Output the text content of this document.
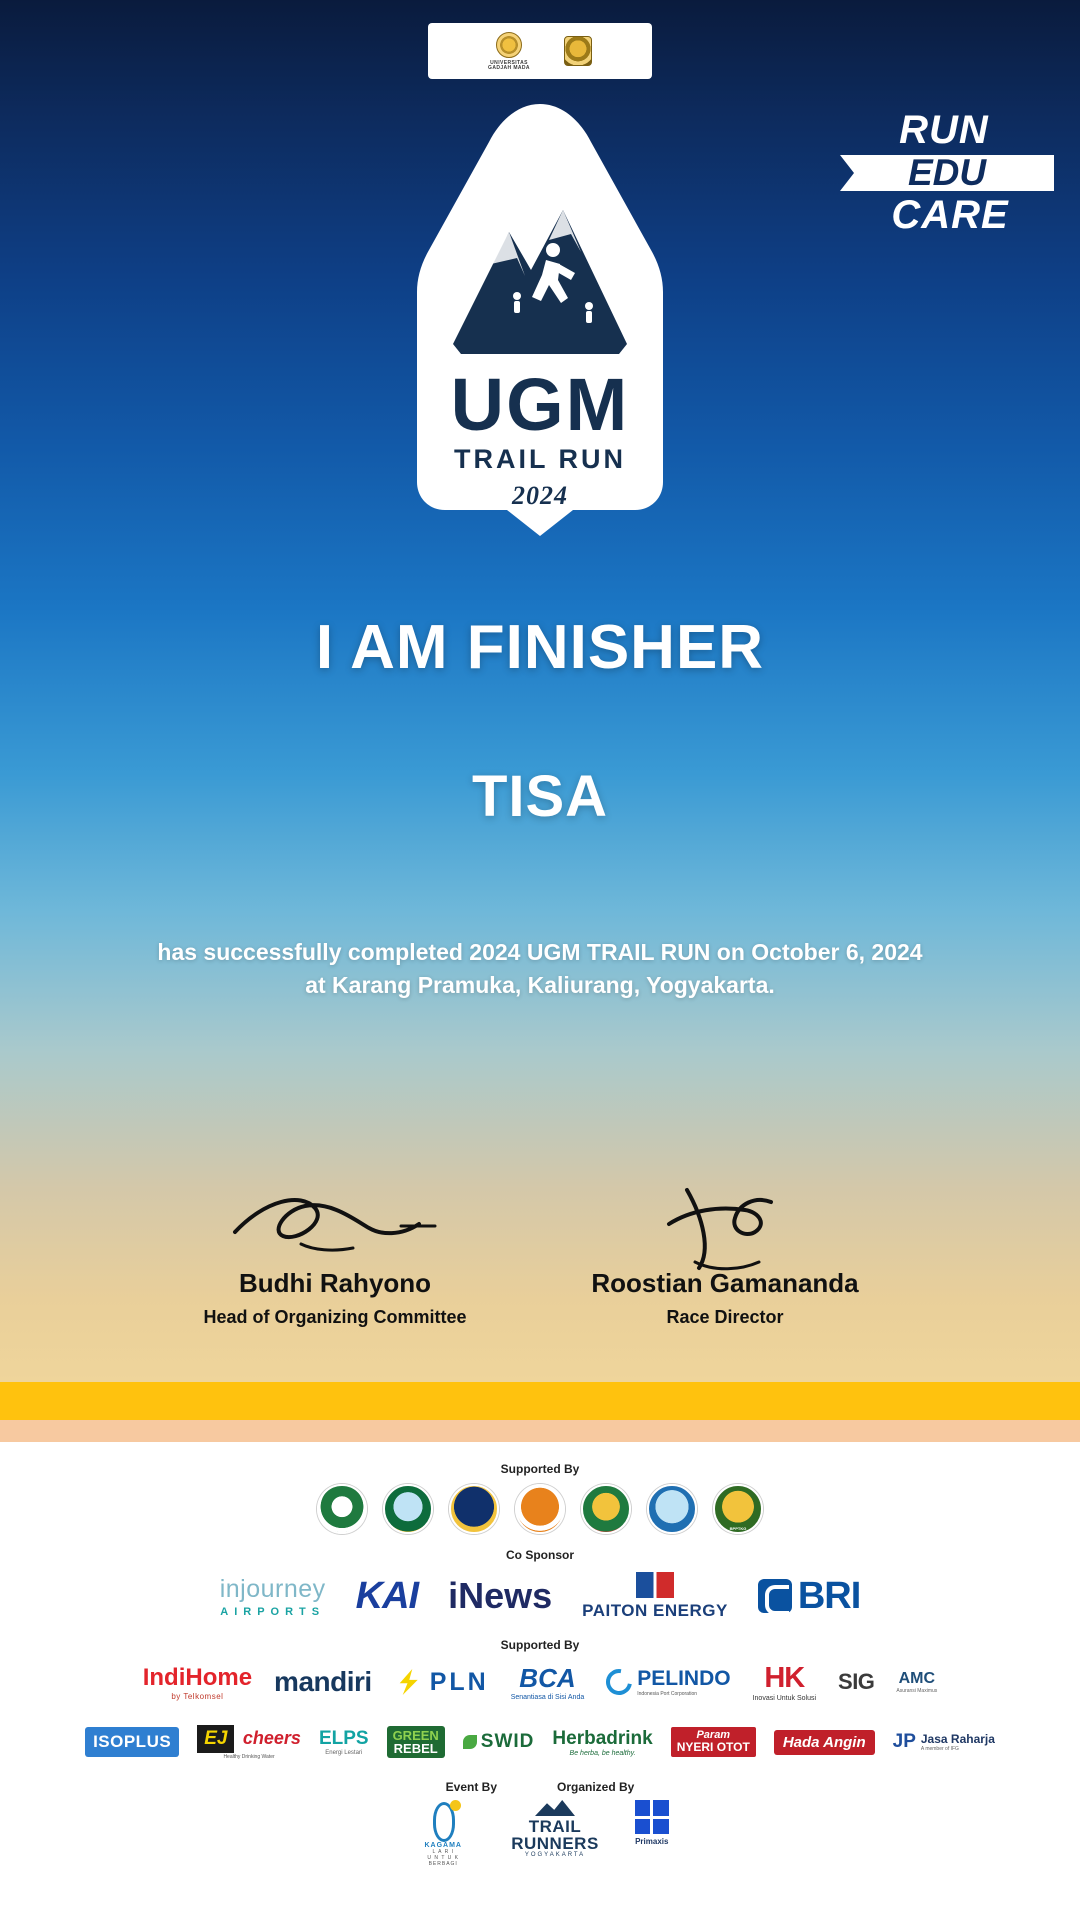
UNIVERSITAS
GADJAH MADA
UGM
TRAIL RUN
2024
RUN
EDU
CARE
I AM FINISHER
TISA
has successfully completed 2024 UGM TRAIL RUN on October 6, 2024
at Karang Pramuka, Kaliurang, Yogyakarta.
Budhi Rahyono
Head of Organizing Committee
Roostian Gamananda
Race Director

Supported By

BPPTKG

Co Sponsor

injourney
AIRPORTS KAI iNews PAITON ENERGY BRI

Supported By

IndiHome
by Telkomsel	mandiri PLN	BCA
Senantiasa di Sisi Anda
PELINDO
Indonesia Port Corporation	HK
Inovasi Untuk Solusi
SIG AMC
Asuransi Maximus
ISOPLUS	EJ cheers
Healthy Drinking Water
ELPS
Energi Lestari
GREEN
REBEL SWID Herbadrink
Be herba, be healthy.
Param
NYERI OTOT	Hada Angin	JP Jasa Raharja
A member of IFG
Event By	Organized By
KAGAMA
L A R I
U N T U K
BERBAGI
TRAIL
RUNNERS
YOGYAKARTA
Primaxis
